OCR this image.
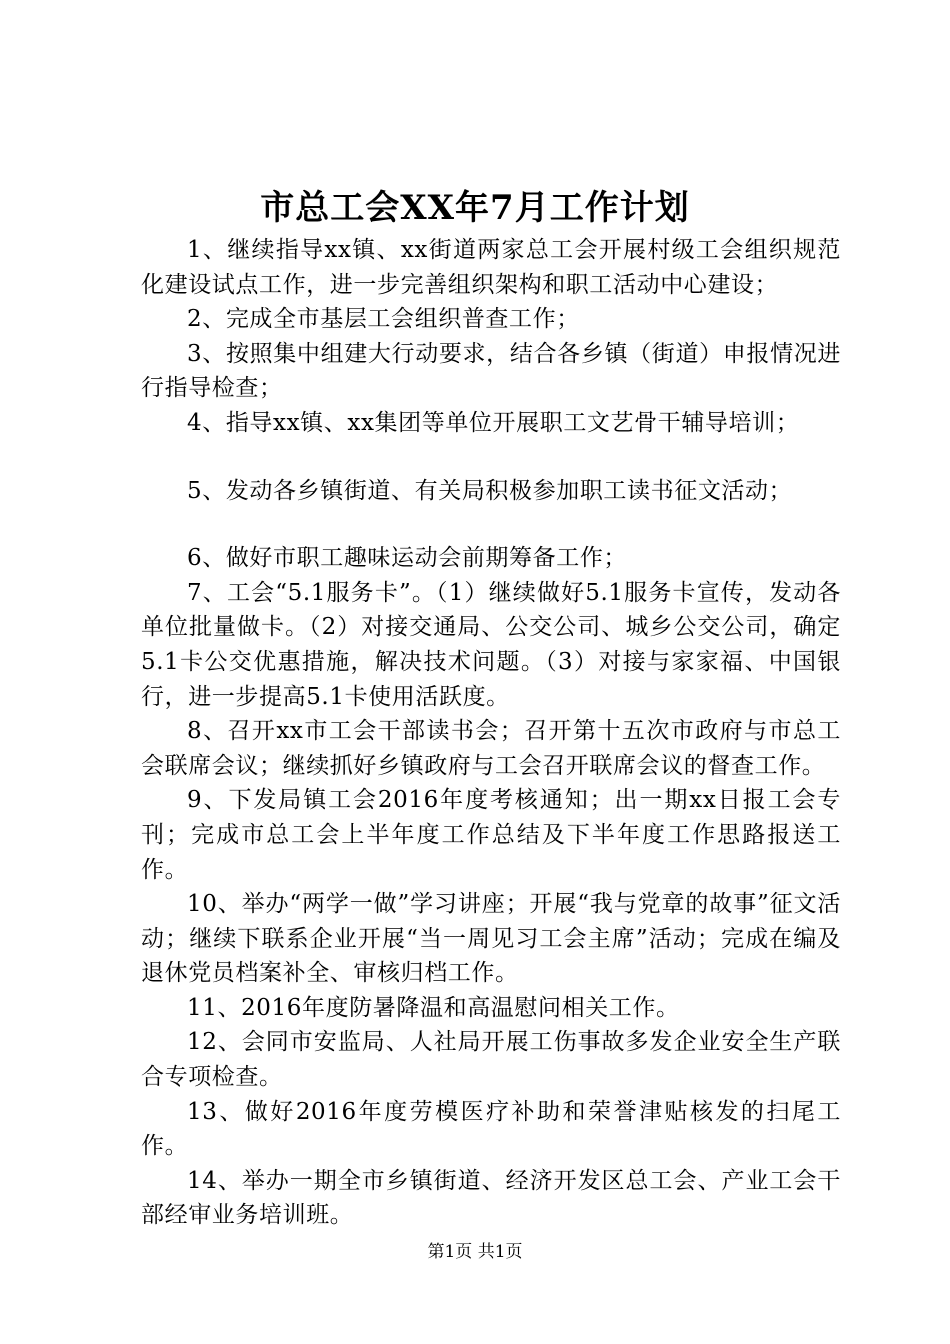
市总工会XX年7月工作计划

1、继续指导xx镇、xx街道两家总工会开展村级工会组织规范化建设试点工作，进一步完善组织架构和职工活动中心建设；

2、完成全市基层工会组织普查工作；

3、按照集中组建大行动要求，结合各乡镇（街道）申报情况进行指导检查；

4、指导xx镇、xx集团等单位开展职工文艺骨干辅导培训；

5、发动各乡镇街道、有关局积极参加职工读书征文活动；

6、做好市职工趣味运动会前期筹备工作；

7、工会“5.1服务卡”。（1）继续做好5.1服务卡宣传，发动各单位批量做卡。（2）对接交通局、公交公司、城乡公交公司，确定5.1卡公交优惠措施，解决技术问题。（3）对接与家家福、中国银行，进一步提高5.1卡使用活跃度。

8、召开xx市工会干部读书会；召开第十五次市政府与市总工会联席会议；继续抓好乡镇政府与工会召开联席会议的督查工作。

9、下发局镇工会2016年度考核通知；出一期xx日报工会专刊；完成市总工会上半年度工作总结及下半年度工作思路报送工作。

10、举办“两学一做”学习讲座；开展“我与党章的故事”征文活动；继续下联系企业开展“当一周见习工会主席”活动；完成在编及退休党员档案补全、审核归档工作。

11、2016年度防暑降温和高温慰问相关工作。

12、会同市安监局、人社局开展工伤事故多发企业安全生产联合专项检查。

13、做好2016年度劳模医疗补助和荣誉津贴核发的扫尾工作。

14、举办一期全市乡镇街道、经济开发区总工会、产业工会干部经审业务培训班。

第1页 共1页
